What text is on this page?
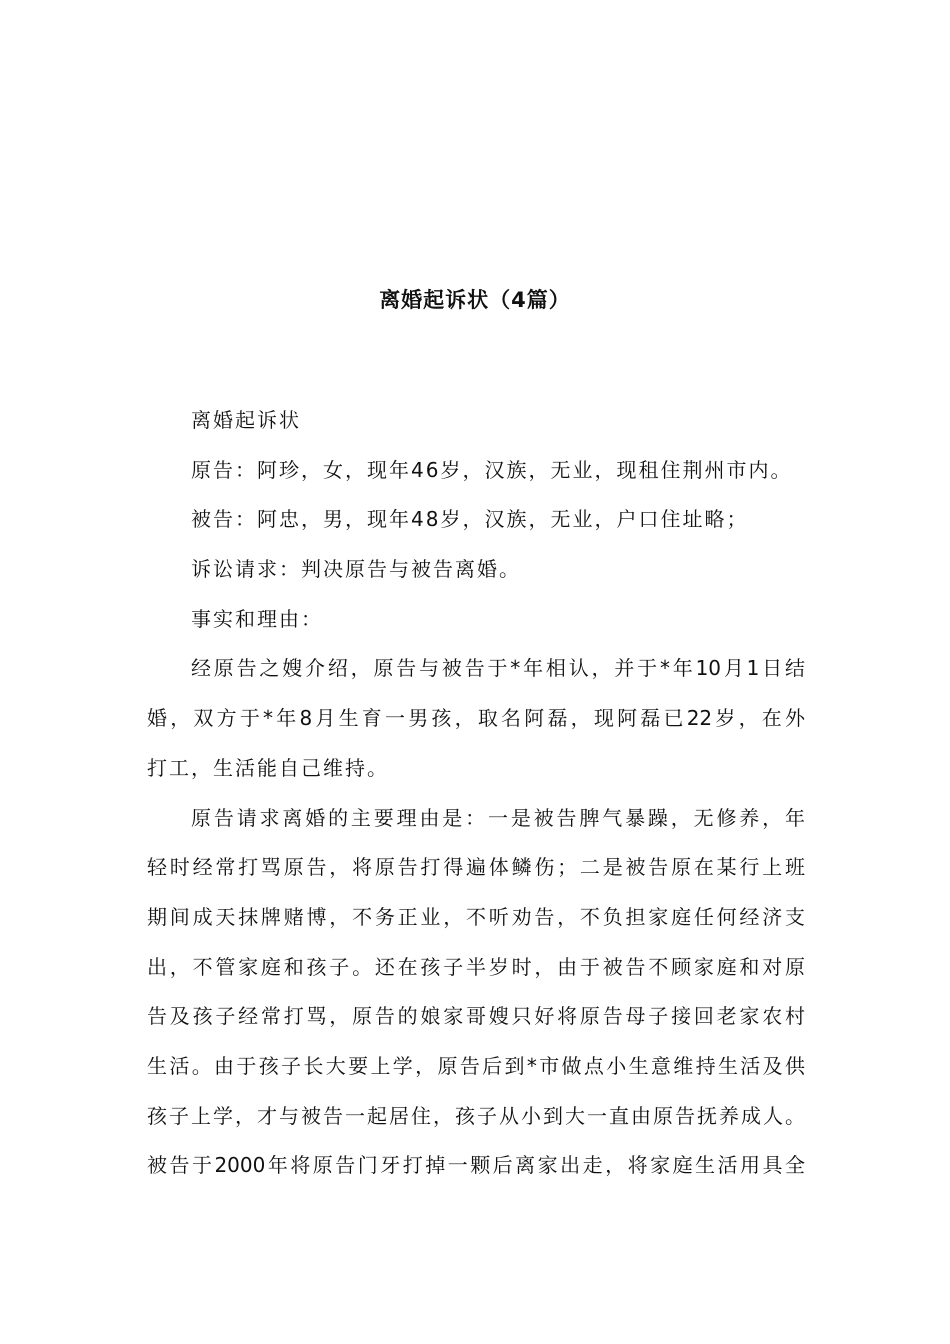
离婚起诉状（4篇）
离婚起诉状
原告：阿珍，女，现年46岁，汉族，无业，现租住荆州市内。
被告：阿忠，男，现年48岁，汉族，无业，户口住址略；
诉讼请求：判决原告与被告离婚。
事实和理由：
经原告之嫂介绍，原告与被告于*年相认，并于*年10月1日结
婚，双方于*年8月生育一男孩，取名阿磊，现阿磊已22岁，在外
打工，生活能自己维持。
原告请求离婚的主要理由是：一是被告脾气暴躁，无修养，年
轻时经常打骂原告，将原告打得遍体鳞伤；二是被告原在某行上班
期间成天抹牌赌博，不务正业，不听劝告，不负担家庭任何经济支
出，不管家庭和孩子。还在孩子半岁时，由于被告不顾家庭和对原
告及孩子经常打骂，原告的娘家哥嫂只好将原告母子接回老家农村
生活。由于孩子长大要上学，原告后到*市做点小生意维持生活及供
孩子上学，才与被告一起居住，孩子从小到大一直由原告抚养成人。
被告于2000年将原告门牙打掉一颗后离家出走，将家庭生活用具全
